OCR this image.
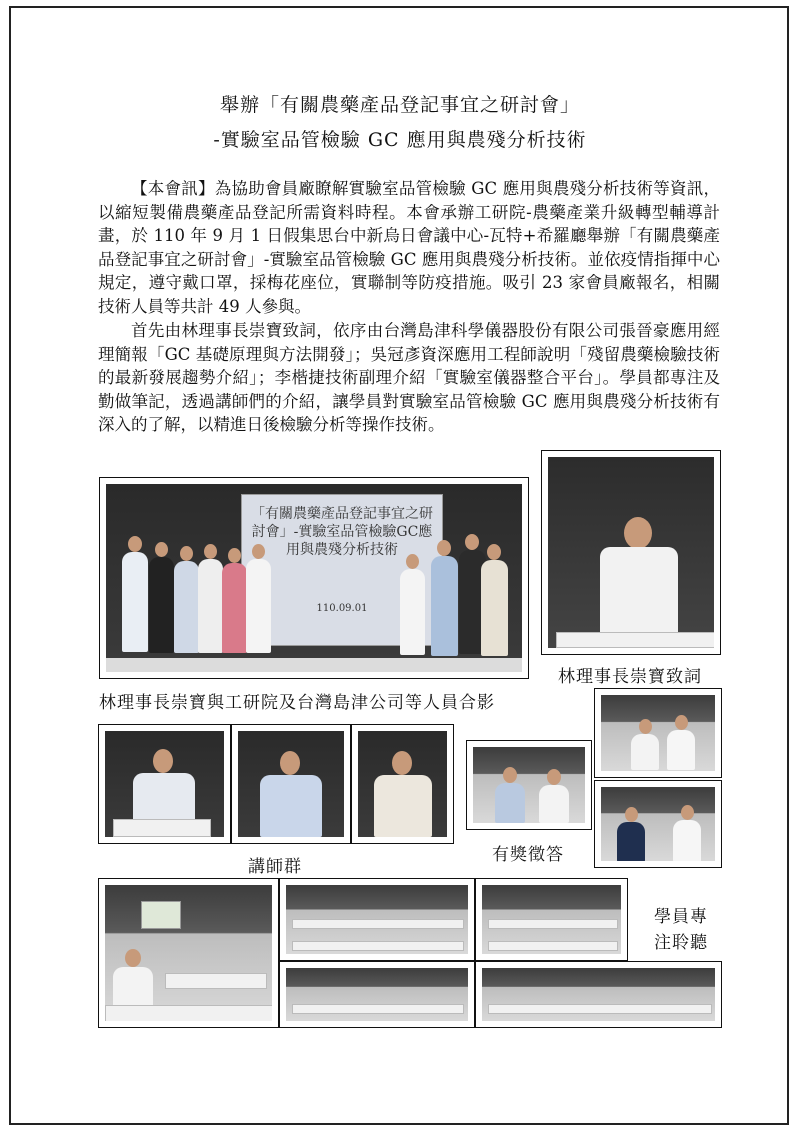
舉辦「有關農藥產品登記事宜之研討會」
-實驗室品管檢驗 GC 應用與農殘分析技術

【本會訊】為協助會員廠瞭解實驗室品管檢驗 GC 應用與農殘分析技術等資訊，以縮短製備農藥產品登記所需資料時程。本會承辦工研院-農藥產業升級轉型輔導計畫，於 110 年 9 月 1 日假集思台中新烏日會議中心-瓦特+希羅廳舉辦「有關農藥產品登記事宜之研討會」-實驗室品管檢驗 GC 應用與農殘分析技術。並依疫情指揮中心規定，遵守戴口罩，採梅花座位，實聯制等防疫措施。吸引 23 家會員廠報名，相關技術人員等共計 49 人參與。

首先由林理事長崇寶致詞，依序由台灣島津科學儀器股份有限公司張晉豪應用經理簡報「GC 基礎原理與方法開發」；吳冠彥資深應用工程師說明「殘留農藥檢驗技術的最新發展趨勢介紹」；李楷捷技術副理介紹「實驗室儀器整合平台」。學員都專注及勤做筆記，透過講師們的介紹，讓學員對實驗室品管檢驗 GC 應用與農殘分析技術有深入的了解，以精進日後檢驗分析等操作技術。

「有關農藥產品登記事宜之研討會」-實驗室品管檢驗GC應用與農殘分析技術
110.09.01
林理事長崇寶與工研院及台灣島津公司等人員合影
林理事長崇寶致詞
講師群
有獎徵答
學員專
注聆聽
